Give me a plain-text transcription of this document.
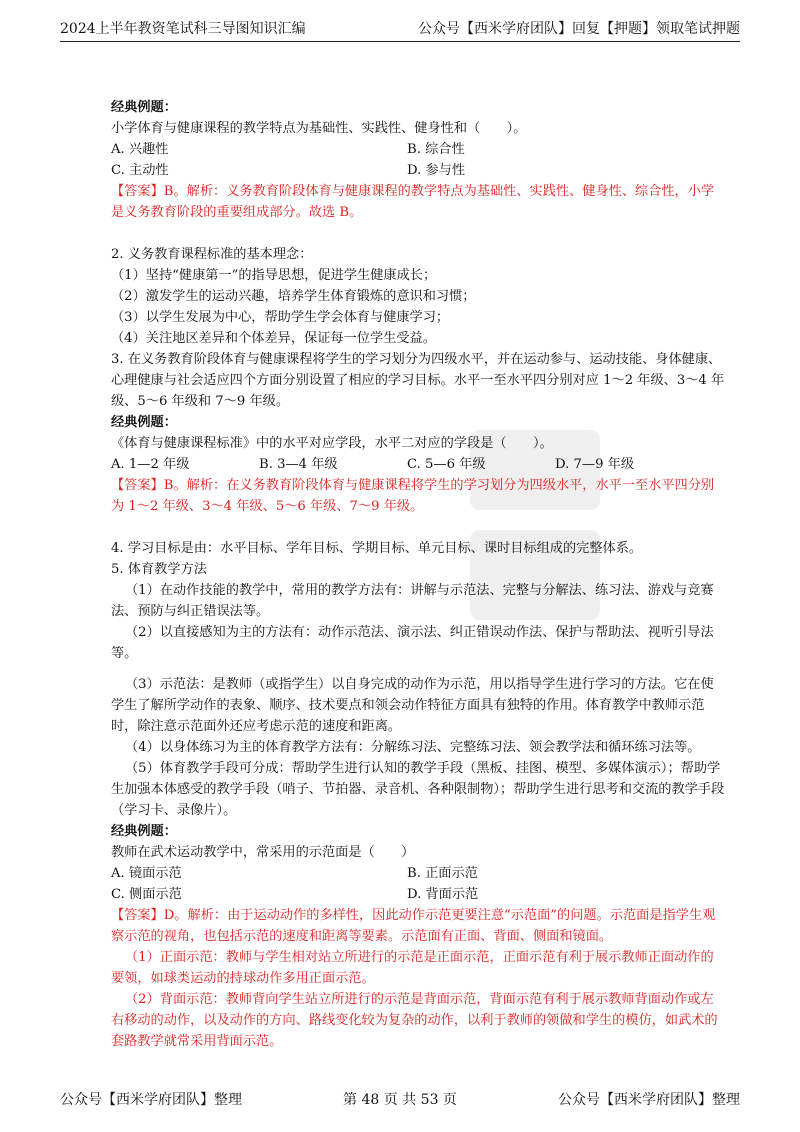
2024上半年教资笔试科三导图知识汇编	公众号【西米学府团队】回复【押题】领取笔试押题

经典例题：

小学体育与健康课程的教学特点为基础性、实践性、健身性和（　　）。

A. 兴趣性	B. 综合性
C. 主动性	D. 参与性

【答案】B。解析：义务教育阶段体育与健康课程的教学特点为基础性、实践性、健身性、综合性，小学是义务教育阶段的重要组成部分。故选 B。

2. 义务教育课程标准的基本理念：

（1）坚持“健康第一”的指导思想，促进学生健康成长；

（2）激发学生的运动兴趣，培养学生体育锻炼的意识和习惯；

（3）以学生发展为中心，帮助学生学会体育与健康学习；

（4）关注地区差异和个体差异，保证每一位学生受益。

3. 在义务教育阶段体育与健康课程将学生的学习划分为四级水平，并在运动参与、运动技能、身体健康、心理健康与社会适应四个方面分别设置了相应的学习目标。水平一至水平四分别对应 1～2 年级、3～4 年级、5～6 年级和 7～9 年级。

经典例题：

《体育与健康课程标准》中的水平对应学段，水平二对应的学段是（　　）。

A. 1—2 年级	B. 3—4 年级	C. 5—6 年级	D. 7—9 年级

【答案】B。解析：在义务教育阶段体育与健康课程将学生的学习划分为四级水平，水平一至水平四分别为 1～2 年级、3～4 年级、5～6 年级、7～9 年级。

4. 学习目标是由：水平目标、学年目标、学期目标、单元目标、课时目标组成的完整体系。

5. 体育教学方法

（1）在动作技能的教学中，常用的教学方法有：讲解与示范法、完整与分解法、练习法、游戏与竞赛法、预防与纠正错误法等。

（2）以直接感知为主的方法有：动作示范法、演示法、纠正错误动作法、保护与帮助法、视听引导法等。

（3）示范法：是教师（或指学生）以自身完成的动作为示范，用以指导学生进行学习的方法。它在使学生了解所学动作的表象、顺序、技术要点和领会动作特征方面具有独特的作用。体育教学中教师示范时，除注意示范面外还应考虑示范的速度和距离。

（4）以身体练习为主的体育教学方法有：分解练习法、完整练习法、领会教学法和循环练习法等。

（5）体育教学手段可分成：帮助学生进行认知的教学手段（黑板、挂图、模型、多媒体演示）；帮助学生加强本体感受的教学手段（哨子、节拍器、录音机、各种限制物）；帮助学生进行思考和交流的教学手段（学习卡、录像片）。

经典例题：

教师在武术运动教学中，常采用的示范面是（　　）

A. 镜面示范	B. 正面示范
C. 侧面示范	D. 背面示范

【答案】D。解析：由于运动动作的多样性，因此动作示范更要注意“示范面”的问题。示范面是指学生观察示范的视角，也包括示范的速度和距离等要素。示范面有正面、背面、侧面和镜面。

（1）正面示范：教师与学生相对站立所进行的示范是正面示范，正面示范有利于展示教师正面动作的要领，如球类运动的持球动作多用正面示范。

（2）背面示范：教师背向学生站立所进行的示范是背面示范，背面示范有利于展示教师背面动作或左右移动的动作，以及动作的方向、路线变化较为复杂的动作，以利于教师的领做和学生的模仿，如武术的套路教学就常采用背面示范。

公众号【西米学府团队】整理	第 48 页 共 53 页	公众号【西米学府团队】整理
